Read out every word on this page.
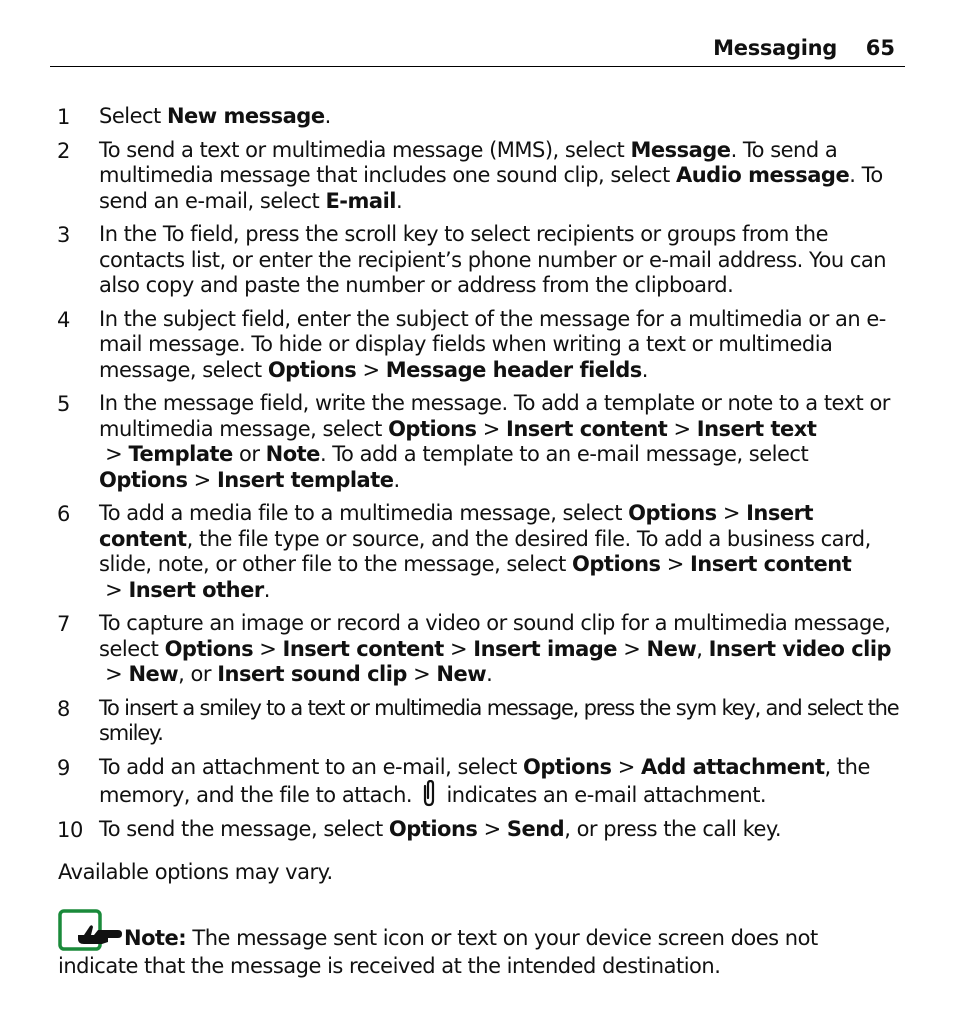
Messaging 65
1 Select New message.
2 To send a text or multimedia message (MMS), select Message. To send a multimedia message that includes one sound clip, select Audio message. To send an e-mail, select E-mail.
3 In the To field, press the scroll key to select recipients or groups from the contacts list, or enter the recipient’s phone number or e-mail address. You can also copy and paste the number or address from the clipboard.
4 In the subject field, enter the subject of the message for a multimedia or an e-mail message. To hide or display fields when writing a text or multimedia message, select Options > Message header fields.
5 In the message field, write the message. To add a template or note to a text or multimedia message, select Options > Insert content > Insert text > Template or Note. To add a template to an e-mail message, select Options > Insert template.
6 To add a media file to a multimedia message, select Options > Insert content, the file type or source, and the desired file. To add a business card, slide, note, or other file to the message, select Options > Insert content > Insert other.
7 To capture an image or record a video or sound clip for a multimedia message, select Options > Insert content > Insert image > New, Insert video clip > New, or Insert sound clip > New.
8 To insert a smiley to a text or multimedia message, press the sym key, and select the smiley.
9 To add an attachment to an e-mail, select Options > Add attachment, the memory, and the file to attach.  indicates an e-mail attachment.
10 To send the message, select Options > Send, or press the call key.
Available options may vary.
Note: The message sent icon or text on your device screen does not indicate that the message is received at the intended destination.
